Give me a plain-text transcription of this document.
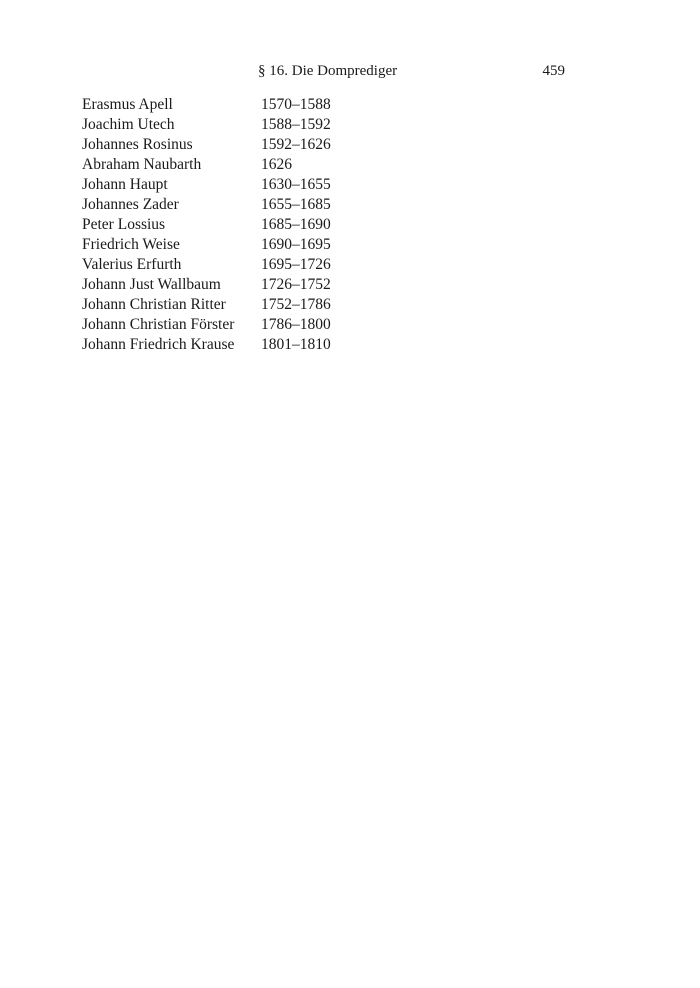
§ 16. Die Domprediger	459
Erasmus Apell	1570–1588
Joachim Utech	1588–1592
Johannes Rosinus	1592–1626
Abraham Naubarth	1626
Johann Haupt	1630–1655
Johannes Zader	1655–1685
Peter Lossius	1685–1690
Friedrich Weise	1690–1695
Valerius Erfurth	1695–1726
Johann Just Wallbaum	1726–1752
Johann Christian Ritter	1752–1786
Johann Christian Förster	1786–1800
Johann Friedrich Krause	1801–1810
